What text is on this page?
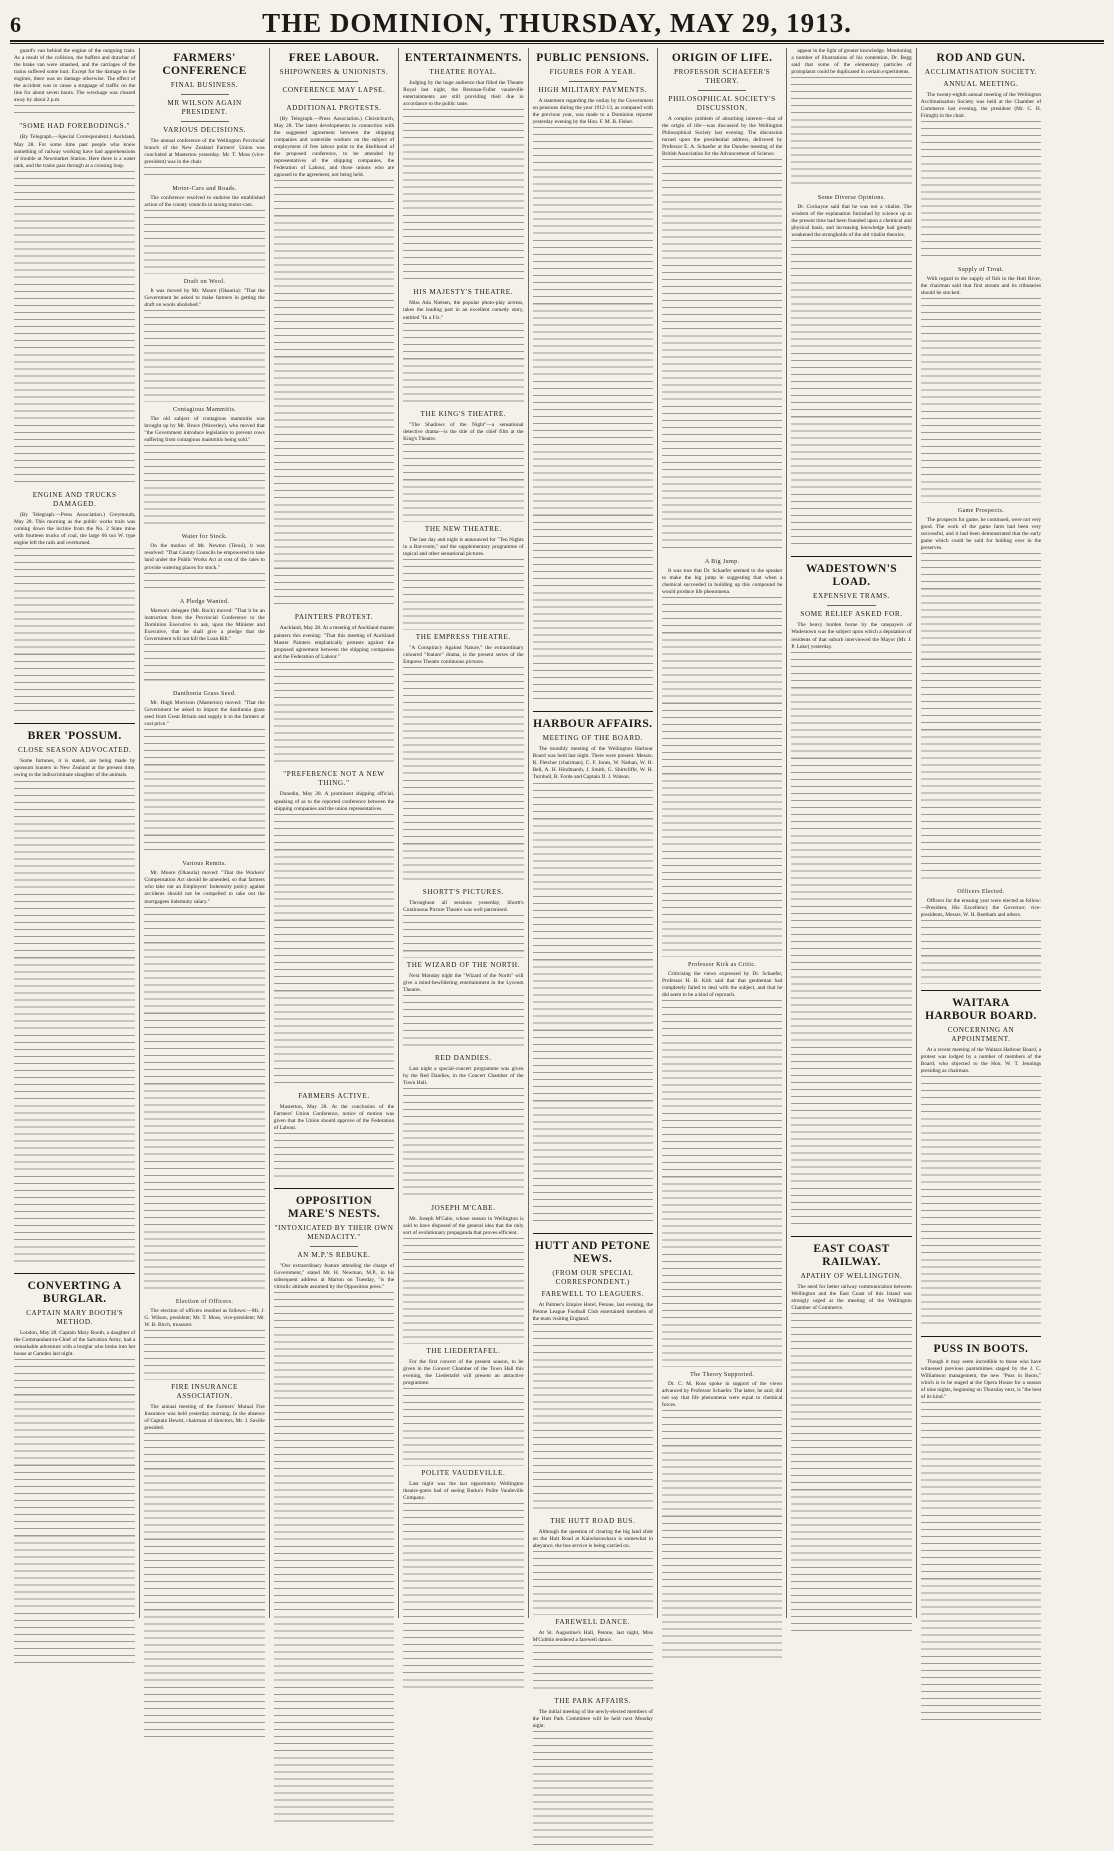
6	THE DOMINION, THURSDAY, MAY 29, 1913.

guard's van behind the engine of the outgoing train. As a result of the collision, the buffers and drawbar of the brake van were smashed, and the carriages of the trains suffered some hurt. Except for the damage to the engines, there was no damage otherwise. The effect of the accident was to cause a stoppage of traffic on the line for about seven hours. The wreckage was cleared away by about 2 p.m.

"SOME HAD FOREBODINGS."

(By Telegraph.—Special Correspondent.) Auckland, May 28. For some time past people who know something of railway working have had apprehensions of trouble at Newmarket Station. Here there is a water tank, and the trains pass through at a crossing loop.

ENGINE AND TRUCKS DAMAGED.

(By Telegraph.—Press Association.) Greymouth, May 28. This morning as the public works train was coming down the incline from the No. 2 State mine with fourteen trucks of coal, the large 66 ton W. type engine left the rails and overturned.

BRER 'POSSUM.
CLOSE SEASON ADVOCATED.

Some fortunes, it is stated, are being made by opossum hunters in New Zealand at the present time, owing to the indiscriminate slaughter of the animals.

CONVERTING A BURGLAR.
CAPTAIN MARY BOOTH'S METHOD.

London, May 28. Captain Mary Booth, a daughter of the Commandant-in-Chief of the Salvation Army, had a remarkable adventure with a burglar who broke into her house at Camden last night.

FARMERS' CONFERENCE
FINAL BUSINESS.
MR WILSON AGAIN PRESIDENT.
VARIOUS DECISIONS.

The annual conference of the Wellington Provincial branch of the New Zealand Farmers' Union was concluded at Masterton yesterday. Mr. T. Moss (vice-president) was in the chair.

Motor-Cars and Roads.

The conference resolved to endorse the established action of the county councils in taxing motor-cars.

Draft on Wool.

It was moved by Mr. Moore (Okauria): "That the Government be asked to make farmers in getting the draft on wools abolished."

Contagious Mammitis.

The old subject of contagious mammitis was brought up by Mr. Bruce (Waverley), who moved that "the Government introduce legislation to prevent cows suffering from contagious mammitis being sold."

Water for Stock.

On the motion of Mr. Newton (Tenui), it was resolved: "That County Councils be empowered to take land under the Public Works Act at cost of the rates to provide watering places for stock."

A Pledge Wanted.

Marton's delegate (Mr. Bock) moved: "That it be an instruction from the Provincial Conference to the Dominion Executive to ask, upon the Minister and Executive, that he shall give a pledge that the Government will not kill the Loan Bill."

Danthonia Grass Seed.

Mr. Hugh Morrison (Masterton) moved: "That the Government be asked to import the danthonia grass seed from Great Britain and supply it to the farmers at cost price."

Various Remits.

Mr. Moore (Okauria) moved: "That the Workers' Compensation Act should be amended, so that farmers who take out an Employers' Indemnity policy against accidents should not be compelled to take out the mortgagees indemnity salary."

Election of Officers.

The election of officers resulted as follows:—Mr. J. G. Wilson, president; Mr. T. Moss, vice-president; Mr. W. B. Birch, treasurer.

FIRE INSURANCE ASSOCIATION.

The annual meeting of the Farmers' Mutual Fire Insurance was held yesterday morning. In the absence of Captain Hewitt, chairman of directors, Mr. J. Saville presided.

FREE LABOUR.
SHIPOWNERS & UNIONISTS.
CONFERENCE MAY LAPSE.
ADDITIONAL PROTESTS.

(By Telegraph.—Press Association.) Christchurch, May 28. The latest developments in connection with the suggested agreement between the shipping companies and waterside workers on the subject of employment of free labour point to the likelihood of the proposed conference, to be attended by representatives of the shipping companies, the Federation of Labour, and those unions who are opposed to the agreement, not being held.

PAINTERS PROTEST.

Auckland, May 28. At a meeting of Auckland master painters this evening: "That this meeting of Auckland Master Painters emphatically protests against the proposed agreement between the shipping companies and the Federation of Labour."

"PREFERENCE NOT A NEW THING."

Dunedin, May 28. A prominent shipping official, speaking of as to the reported conference between the shipping companies and the union representatives.

FARMERS ACTIVE.

Masterton, May 28. At the conclusion of the Farmers' Union Conference, notice of motion was given that the Union should approve of the Federation of Labour.

OPPOSITION MARE'S NESTS.
"INTOXICATED BY THEIR OWN MENDACITY."
AN M.P.'S REBUKE.

"Our extraordinary feature attending the charge of Government," stated Mr. H. Newman, M.P., in his subsequent address at Marton on Tuesday, "is the vitriolic attitude assumed by the Opposition press."

ENTERTAINMENTS.
THEATRE ROYAL.

Judging by the huge audience that filled the Theatre Royal last night, the Brennan-Fuller vaudeville entertainments are still providing their due in accordance to the public taste.

HIS MAJESTY'S THEATRE.

Miss Ada Nielsen, the popular photo-play actress, takes the leading part in an excellent comedy story, entitled "In a Fix."

THE KING'S THEATRE.

"The Shadows of the Night"—a sensational detective drama—is the title of the chief film at the King's Theatre.

THE NEW THEATRE.

The last day and night is announced for "Ten Nights in a Bar-room," and the supplementary programme of topical and other sensational pictures.

THE EMPRESS THEATRE.

"A Conspiracy Against Nature," the extraordinary coloured "feature" drama, is the present series of the Empress Theatre continuous pictures.

SHORTT'S PICTURES.

Throughout all sessions yesterday, Shortt's Continuous Picture Theatre was well patronised.

THE WIZARD OF THE NORTH.

Next Monday night the "Wizard of the North" will give a mind-bewildering entertainment in the Lyceum Theatre.

RED DANDIES.

Last night a special-concert programme was given by the Red Dandies, in the Concert Chamber of the Town Hall.

JOSEPH M'CABE.

Mr. Joseph M'Cabe, whose season in Wellington is said to have disposed of the general idea that the only sort of evolutionary propaganda that proves efficient.

THE LIEDERTAFEL.

For the first concert of the present season, to be given in the Concert Chamber of the Town Hall this evening, the Liedertafel will present an attractive programme.

POLITE VAUDEVILLE.

Last night was the last opportunity Wellington theatre-goers had of seeing Burke's Polite Vaudeville Company.

PUBLIC PENSIONS.
FIGURES FOR A YEAR.
HIGH MILITARY PAYMENTS.

A statement regarding the outlay by the Government on pensions during the year 1912-13, as compared with the previous year, was made to a Dominion reporter yesterday evening by the Hon. F. M. B. Fisher.

HARBOUR AFFAIRS.
MEETING OF THE BOARD.

The monthly meeting of the Wellington Harbour Board was held last night. There were present: Messrs. R. Fletcher (chairman), C. F. Jones, W. Nathan, W. H. Bell, A. H. Hindmarsh, J. Smith, G. Shirtcliffe, W. H. Turnbull, R. Forde and Captain D. J. Watson.

HUTT AND PETONE NEWS.
(FROM OUR SPECIAL CORRESPONDENT.)
FAREWELL TO LEAGUERS.

At Palmer's Empire Hotel, Petone, last evening, the Petone League Football Club entertained members of the team visiting England.

THE HUTT ROAD BUS.

Although the question of clearing the big land slide on the Hutt Road at Kaiwharawhara is somewhat in abeyance, the bus service is being carried on.

FAREWELL DANCE.

At St. Augustine's Hall, Petone, last night, Miss M'Cubbin tendered a farewell dance.

THE PARK AFFAIRS.

The initial meeting of the newly-elected members of the Hutt Park Committee will be held next Monday night.

ORIGIN OF LIFE.
PROFESSOR SCHAEFER'S THEORY.
PHILOSOPHICAL SOCIETY'S DISCUSSION.

A complex problem of absorbing interest—that of the origin of life—was discussed by the Wellington Philosophical Society last evening. The discussion turned upon the presidential address, delivered by Professor E. A. Schaefer at the Dundee meeting of the British Association for the Advancement of Science.

A Big Jump.

It was true that Dr. Schaefer seemed to the speaker to make the big jump in suggesting that when a chemical succeeded in building up this compound he would produce life phenomena.

Professor Kirk as Critic.

Criticising the views expressed by Dr. Schaefer, Professor H. B. Kirk said that that gentleman had completely failed to deal with the subject, and that he did seem to be a kind of reproach.

The Theory Supported.

Dr. C. M. Ross spoke in support of the views advanced by Professor Schaefer. The latter, he said, did not say that life phenomena were equal to chemical forces.

appear in the light of greater knowledge. Mentioning a number of illustrations of his contention, Dr. Begg said that some of the elementary particles of protoplasm could be duplicated in certain experiments.

Some Diverse Opinions.

Dr. Cockayne said that he was not a vitalist. The wisdom of the explanation furnished by science up to the present time had been founded upon a chemical and physical basis, and increasing knowledge had greatly weakened the strongholds of the old vitalist theories.

WADESTOWN'S LOAD.
EXPENSIVE TRAMS.
SOME RELIEF ASKED FOR.

The heavy burden borne by the ratepayers of Wadestown was the subject upon which a deputation of residents of that suburb interviewed the Mayor (Mr. J. P. Luke) yesterday.

EAST COAST RAILWAY.
APATHY OF WELLINGTON.

The need for better railway communication between Wellington and the East Coast of this Island was strongly urged at the meeting of the Wellington Chamber of Commerce.

ROD AND GUN.
ACCLIMATISATION SOCIETY.
ANNUAL MEETING.

The twenty-eighth annual meeting of the Wellington Acclimatisation Society was held at the Chamber of Commerce last evening, the president (Mr. C. H. Frimgh) in the chair.

Supply of Trout.

With regard to the supply of fish in the Hutt River, the chairman said that first stream and its tributaries should be stocked.

Game Prospects.

The prospects for game, he continued, were not very good. The work of the game farm had been very successful, and it had been demonstrated that the early game which could be sold for holding over in the preserves.

Officers Elected.

Officers for the ensuing year were elected as follow:—President, His Excellency the Governor; vice-presidents, Messrs. W. H. Beetham and others.

WAITARA HARBOUR BOARD.
CONCERNING AN APPOINTMENT.

At a recent meeting of the Waitara Harbour Board, a protest was lodged by a number of members of the Board, who objected to the Hon. W. T. Jennings presiding as chairman.

PUSS IN BOOTS.

Though it may seem incredible to those who have witnessed previous pantomimes staged by the J. C. Williamson management, the new "Puss in Boots," which is to be staged at the Opera House for a season of nine nights, beginning on Thursday next, is "the best of its kind."
